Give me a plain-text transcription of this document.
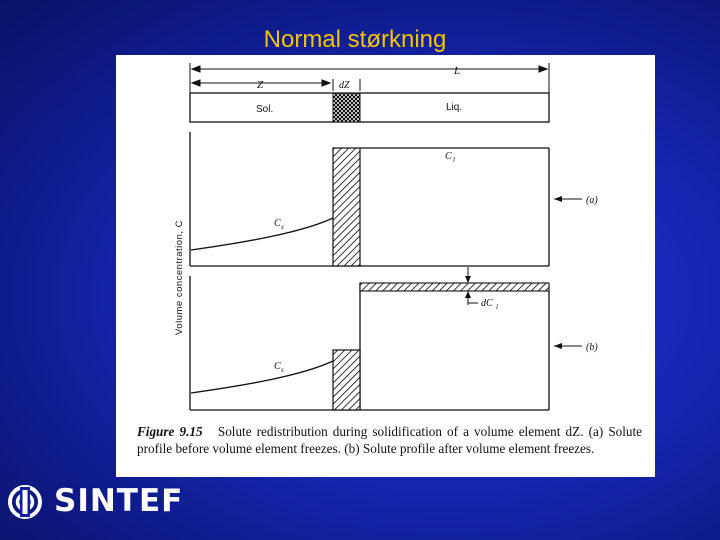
Normal størkning
L
Z	dZ
Sol.	Liq.
Volume concentration, C
C l
C s
(a)
dC l
C s
(b)
Figure 9.15 Solute redistribution during solidification of a volume element dZ. (a) Solute profile before volume element freezes. (b) Solute profile after volume element freezes.
SINTEF
